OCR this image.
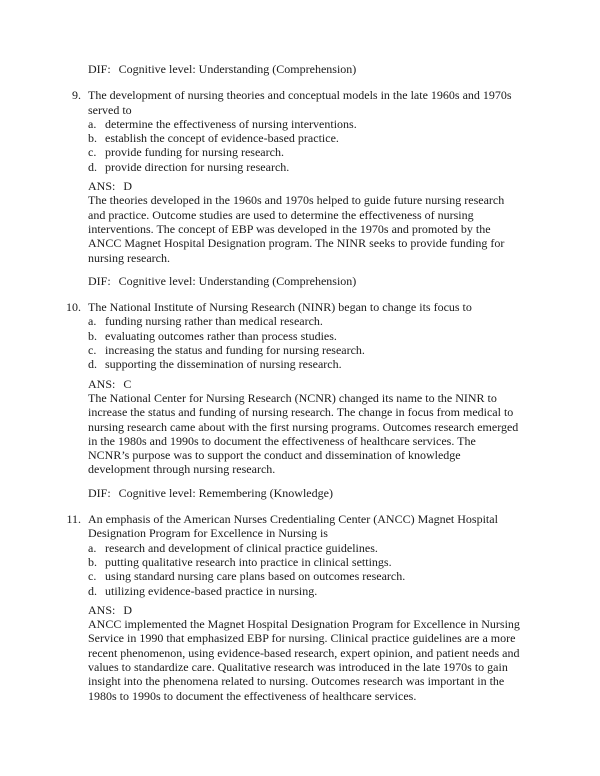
DIF: Cognitive level: Understanding (Comprehension)
9. The development of nursing theories and conceptual models in the late 1960s and 1970s
served to
a. determine the effectiveness of nursing interventions.
b. establish the concept of evidence-based practice.
c. provide funding for nursing research.
d. provide direction for nursing research.
ANS: D
The theories developed in the 1960s and 1970s helped to guide future nursing research
and practice. Outcome studies are used to determine the effectiveness of nursing
interventions. The concept of EBP was developed in the 1970s and promoted by the
ANCC Magnet Hospital Designation program. The NINR seeks to provide funding for
nursing research.
DIF: Cognitive level: Understanding (Comprehension)
10. The National Institute of Nursing Research (NINR) began to change its focus to
a. funding nursing rather than medical research.
b. evaluating outcomes rather than process studies.
c. increasing the status and funding for nursing research.
d. supporting the dissemination of nursing research.
ANS: C
The National Center for Nursing Research (NCNR) changed its name to the NINR to
increase the status and funding of nursing research. The change in focus from medical to
nursing research came about with the first nursing programs. Outcomes research emerged
in the 1980s and 1990s to document the effectiveness of healthcare services. The
NCNR’s purpose was to support the conduct and dissemination of knowledge
development through nursing research.
DIF: Cognitive level: Remembering (Knowledge)
11. An emphasis of the American Nurses Credentialing Center (ANCC) Magnet Hospital
Designation Program for Excellence in Nursing is
a. research and development of clinical practice guidelines.
b. putting qualitative research into practice in clinical settings.
c. using standard nursing care plans based on outcomes research.
d. utilizing evidence-based practice in nursing.
ANS: D
ANCC implemented the Magnet Hospital Designation Program for Excellence in Nursing
Service in 1990 that emphasized EBP for nursing. Clinical practice guidelines are a more
recent phenomenon, using evidence-based research, expert opinion, and patient needs and
values to standardize care. Qualitative research was introduced in the late 1970s to gain
insight into the phenomena related to nursing. Outcomes research was important in the
1980s to 1990s to document the effectiveness of healthcare services.
